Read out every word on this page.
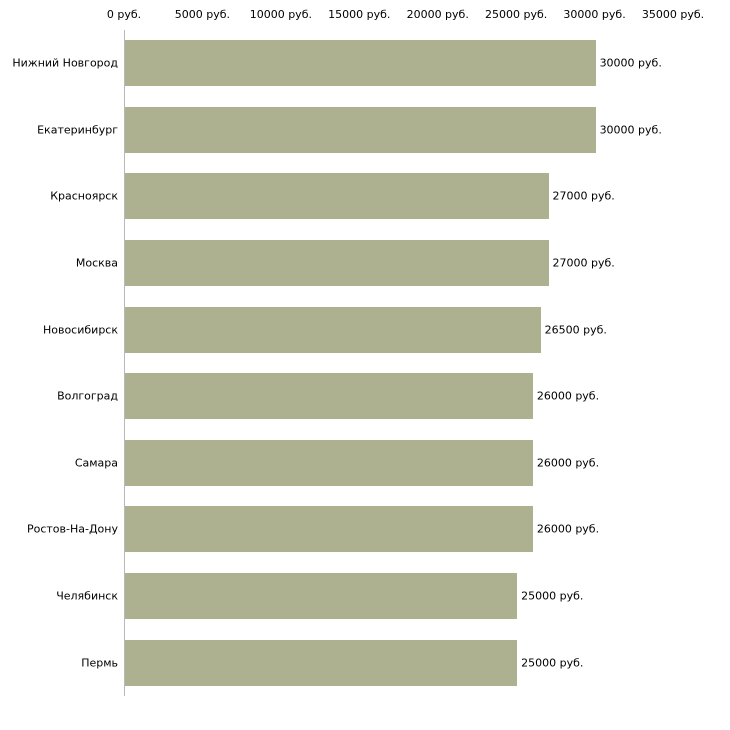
0 руб.	5000 руб. 10000 руб. 15000 руб. 20000 руб. 25000 руб. 30000 руб. 35000 руб.
Нижний Новгород	30000 руб.
Екатеринбург	30000 руб.
Красноярск	27000 руб.
Москва	27000 руб.
Новосибирск	26500 руб.
Волгоград	26000 руб.
Самара	26000 руб.
Ростов-На-Дону	26000 руб.
Челябинск	25000 руб.
Пермь	25000 руб.
